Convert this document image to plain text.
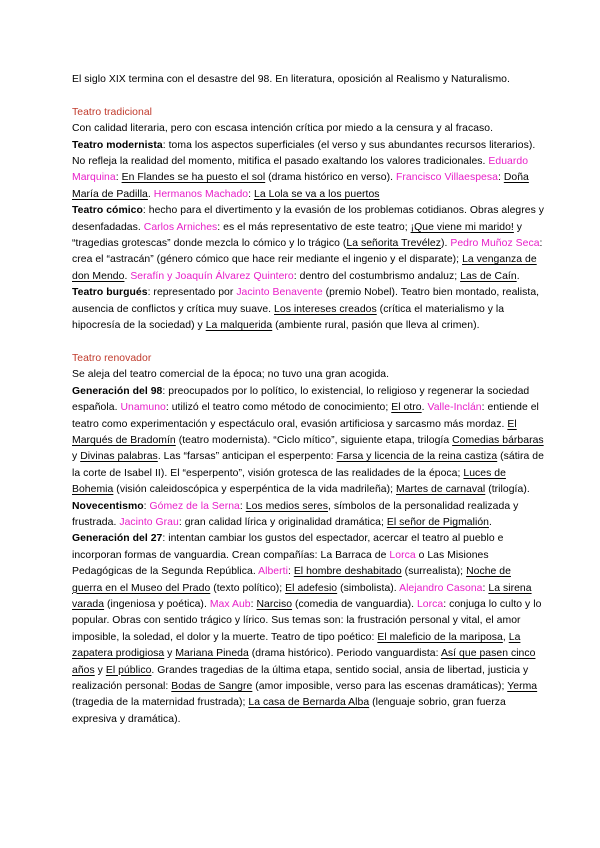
El siglo XIX termina con el desastre del 98. En literatura, oposición al Realismo y Naturalismo.

Teatro tradicional

Con calidad literaria, pero con escasa intención crítica por miedo a la censura y al fracaso.

Teatro modernista: toma los aspectos superficiales (el verso y sus abundantes recursos literarios). No refleja la realidad del momento, mitifica el pasado exaltando los valores tradicionales. Eduardo Marquina: En Flandes se ha puesto el sol (drama histórico en verso). Francisco Villaespesa: Doña María de Padilla. Hermanos Machado: La Lola se va a los puertos

Teatro cómico: hecho para el divertimento y la evasión de los problemas cotidianos. Obras alegres y desenfadadas. Carlos Arniches: es el más representativo de este teatro; ¡Que viene mi marido! y “tragedias grotescas” donde mezcla lo cómico y lo trágico (La señorita Trevélez). Pedro Muñoz Seca: crea el “astracán” (género cómico que hace reir mediante el ingenio y el disparate); La venganza de don Mendo. Serafín y Joaquín Álvarez Quintero: dentro del costumbrismo andaluz; Las de Caín.

Teatro burgués: representado por Jacinto Benavente (premio Nobel). Teatro bien montado, realista, ausencia de conflictos y crítica muy suave. Los intereses creados (crítica el materialismo y la hipocresía de la sociedad) y La malquerida (ambiente rural, pasión que lleva al crimen).

Teatro renovador

Se aleja del teatro comercial de la época; no tuvo una gran acogida.

Generación del 98: preocupados por lo político, lo existencial, lo religioso y regenerar la sociedad española. Unamuno: utilizó el teatro como método de conocimiento; El otro. Valle-Inclán: entiende el teatro como experimentación y espectáculo oral, evasión artificiosa y sarcasmo más mordaz. El Marqués de Bradomín (teatro modernista). “Ciclo mítico”, siguiente etapa, trilogía Comedias bárbaras y Divinas palabras. Las “farsas” anticipan el esperpento: Farsa y licencia de la reina castiza (sátira de la corte de Isabel II). El “esperpento”, visión grotesca de las realidades de la época; Luces de Bohemia (visión caleidoscópica y esperpéntica de la vida madrileña); Martes de carnaval (trilogía).

Novecentismo: Gómez de la Serna: Los medios seres, símbolos de la personalidad realizada y frustrada. Jacinto Grau: gran calidad lírica y originalidad dramática; El señor de Pigmalión.

Generación del 27: intentan cambiar los gustos del espectador, acercar el teatro al pueblo e incorporan formas de vanguardia. Crean compañías: La Barraca de Lorca o Las Misiones Pedagógicas de la Segunda República. Alberti: El hombre deshabitado (surrealista); Noche de guerra en el Museo del Prado (texto político); El adefesio (simbolista). Alejandro Casona: La sirena varada (ingeniosa y poética). Max Aub: Narciso (comedia de vanguardia). Lorca: conjuga lo culto y lo popular. Obras con sentido trágico y lírico. Sus temas son: la frustración personal y vital, el amor imposible, la soledad, el dolor y la muerte. Teatro de tipo poético: El maleficio de la mariposa, La zapatera prodigiosa y Mariana Pineda (drama histórico). Periodo vanguardista: Así que pasen cinco años y El público. Grandes tragedias de la última etapa, sentido social, ansia de libertad, justicia y realización personal: Bodas de Sangre (amor imposible, verso para las escenas dramáticas); Yerma (tragedia de la maternidad frustrada); La casa de Bernarda Alba (lenguaje sobrio, gran fuerza expresiva y dramática).
